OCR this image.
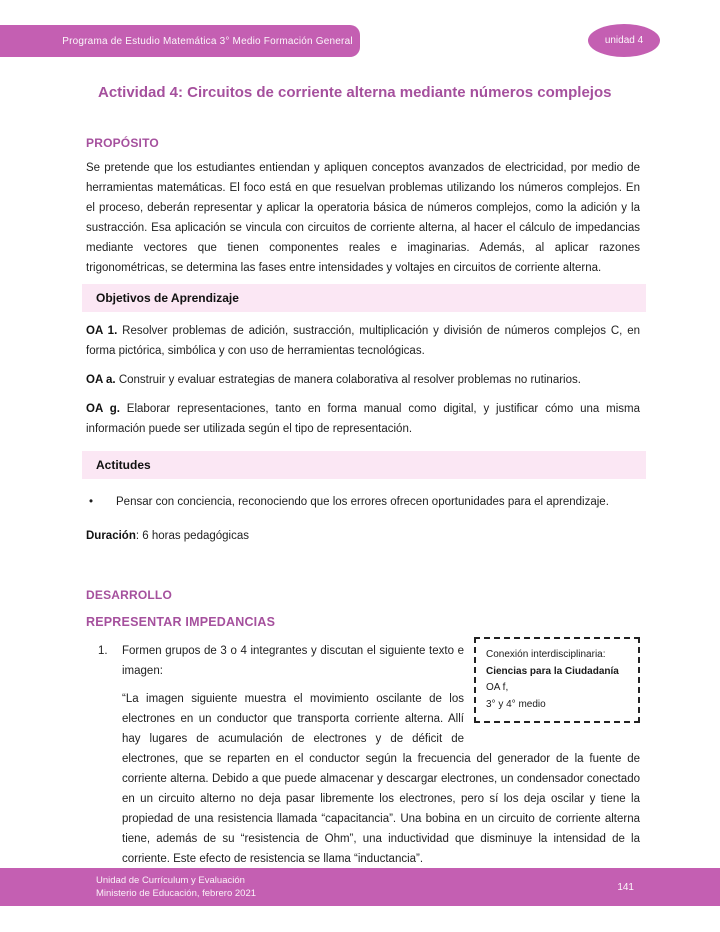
Programa de Estudio Matemática 3° Medio Formación General	unidad 4
Actividad 4: Circuitos de corriente alterna mediante números complejos
PROPÓSITO

Se pretende que los estudiantes entiendan y apliquen conceptos avanzados de electricidad, por medio de herramientas matemáticas. El foco está en que resuelvan problemas utilizando los números complejos. En el proceso, deberán representar y aplicar la operatoria básica de números complejos, como la adición y la sustracción. Esa aplicación se vincula con circuitos de corriente alterna, al hacer el cálculo de impedancias mediante vectores que tienen componentes reales e imaginarias. Además, al aplicar razones trigonométricas, se determina las fases entre intensidades y voltajes en circuitos de corriente alterna.

Objetivos de Aprendizaje

OA 1. Resolver problemas de adición, sustracción, multiplicación y división de números complejos C, en forma pictórica, simbólica y con uso de herramientas tecnológicas.

OA a. Construir y evaluar estrategias de manera colaborativa al resolver problemas no rutinarios.

OA g. Elaborar representaciones, tanto en forma manual como digital, y justificar cómo una misma información puede ser utilizada según el tipo de representación.

Actitudes
•	Pensar con conciencia, reconociendo que los errores ofrecen oportunidades para el aprendizaje.

Duración: 6 horas pedagógicas

DESARROLLO
REPRESENTAR IMPEDANCIAS
1.	Conexión interdisciplinaria:
Ciencias para la Ciudadanía
OA f,
3° y 4° medio

Formen grupos de 3 o 4 integrantes y discutan el siguiente texto e imagen:

“La imagen siguiente muestra el movimiento oscilante de los electrones en un conductor que transporta corriente alterna. Allí hay lugares de acumulación de electrones y de déficit de electrones, que se reparten en el conductor según la frecuencia del generador de la fuente de corriente alterna. Debido a que puede almacenar y descargar electrones, un condensador conectado en un circuito alterno no deja pasar libremente los electrones, pero sí los deja oscilar y tiene la propiedad de una resistencia llamada “capacitancia”. Una bobina en un circuito de corriente alterna tiene, además de su “resistencia de Ohm”, una inductividad que disminuye la intensidad de la corriente. Este efecto de resistencia se llama “inductancia”.

Unidad de Currículum y Evaluación
Ministerio de Educación, febrero 2021
141
